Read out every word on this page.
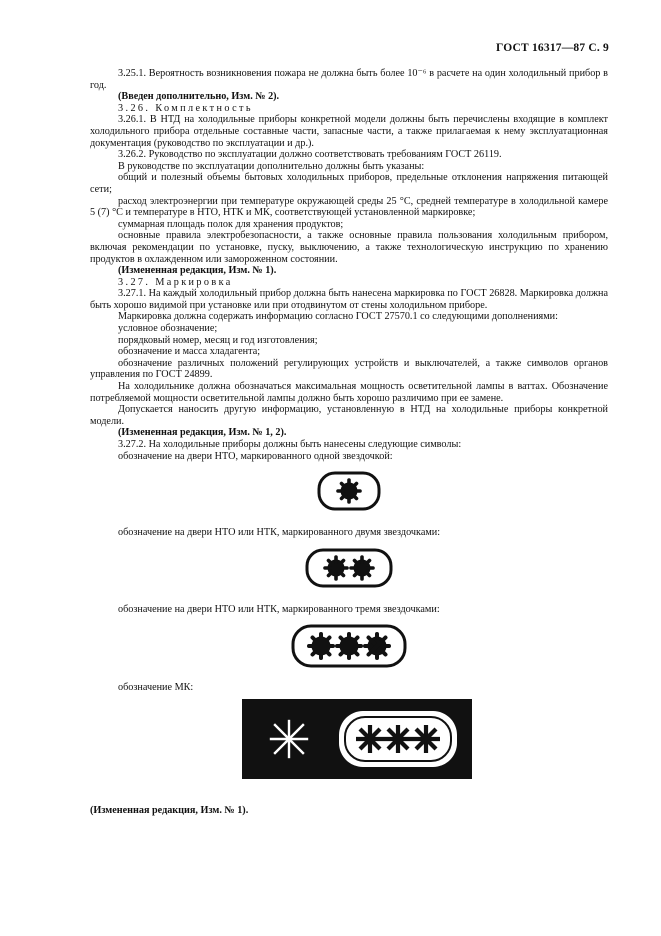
ГОСТ 16317—87 С. 9

3.25.1. Вероятность возникновения пожара не должна быть более 10⁻⁶ в расчете на один холодильный прибор в год.

(Введен дополнительно, Изм. № 2).

3.26. Комплектность

3.26.1. В НТД на холодильные приборы конкретной модели должны быть перечислены входящие в комплект холодильного прибора отдельные составные части, запасные части, а также прилагаемая к нему эксплуатационная документация (руководство по эксплуатации и др.).

3.26.2. Руководство по эксплуатации должно соответствовать требованиям ГОСТ 26119.

В руководстве по эксплуатации дополнительно должны быть указаны:

общий и полезный объемы бытовых холодильных приборов, предельные отклонения напряжения питающей сети;

расход электроэнергии при температуре окружающей среды 25 °С, средней температуре в холодильной камере 5 (7) °С и температуре в НТО, НТК и МК, соответствующей установленной маркировке;

суммарная площадь полок для хранения продуктов;

основные правила электробезопасности, а также основные правила пользования холодильным прибором, включая рекомендации по установке, пуску, выключению, а также технологическую инструкцию по хранению продуктов в охлажденном или замороженном состоянии.

(Измененная редакция, Изм. № 1).

3.27. Маркировка

3.27.1. На каждый холодильный прибор должна быть нанесена маркировка по ГОСТ 26828. Маркировка должна быть хорошо видимой при установке или при отодвинутом от стены холодильном приборе.

Маркировка должна содержать информацию согласно ГОСТ 27570.1 со следующими дополнениями:

условное обозначение;

порядковый номер, месяц и год изготовления;

обозначение и масса хладагента;

обозначение различных положений регулирующих устройств и выключателей, а также символов органов управления по ГОСТ 24899.

На холодильнике должна обозначаться максимальная мощность осветительной лампы в ваттах. Обозначение потребляемой мощности осветительной лампы должно быть хорошо различимо при ее замене.

Допускается наносить другую информацию, установленную в НТД на холодильные приборы конкретной модели.

(Измененная редакция, Изм. № 1, 2).

3.27.2. На холодильные приборы должны быть нанесены следующие символы:

обозначение на двери НТО, маркированного одной звездочкой:

обозначение на двери НТО или НТК, маркированного двумя звездочками:

обозначение на двери НТО или НТК, маркированного тремя звездочками:

обозначение МК:

(Измененная редакция, Изм. № 1).
